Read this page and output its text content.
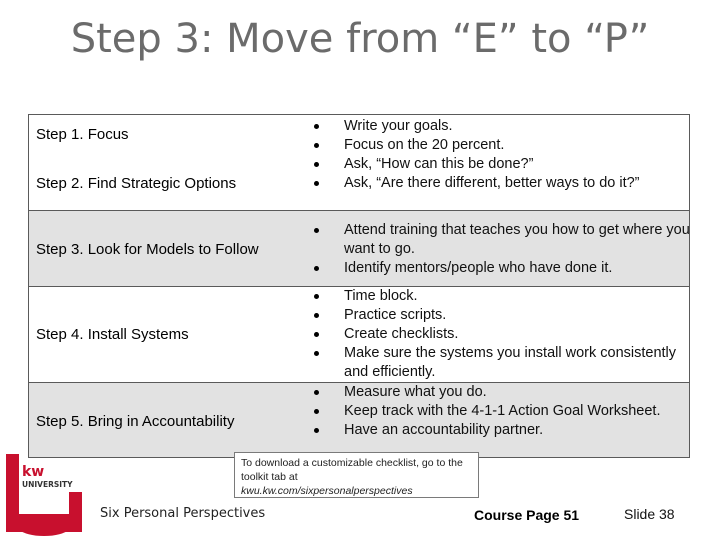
Step 3: Move from “E” to “P”
Step 1. Focus
Step 2. Find Strategic Options
Step 3. Look for Models to Follow
Step 4. Install Systems
Step 5. Bring in Accountability
Write your goals.
Focus on the 20 percent.
Ask, “How can this be done?”
Ask, “Are there different, better ways to do it?”
Attend training that teaches you how to get where you want to go.
Identify mentors/people who have done it.
Time block.
Practice scripts.
Create checklists.
Make sure the systems you install work consistently and efficiently.
Measure what you do.
Keep track with the 4-1-1 Action Goal Worksheet.
Have an accountability partner.
To download a customizable checklist, go to the toolkit tab at
kwu.kw.com/sixpersonalperspectives
kw
UNIVERSITY
Six Personal Perspectives	Course Page 51	Slide 38
